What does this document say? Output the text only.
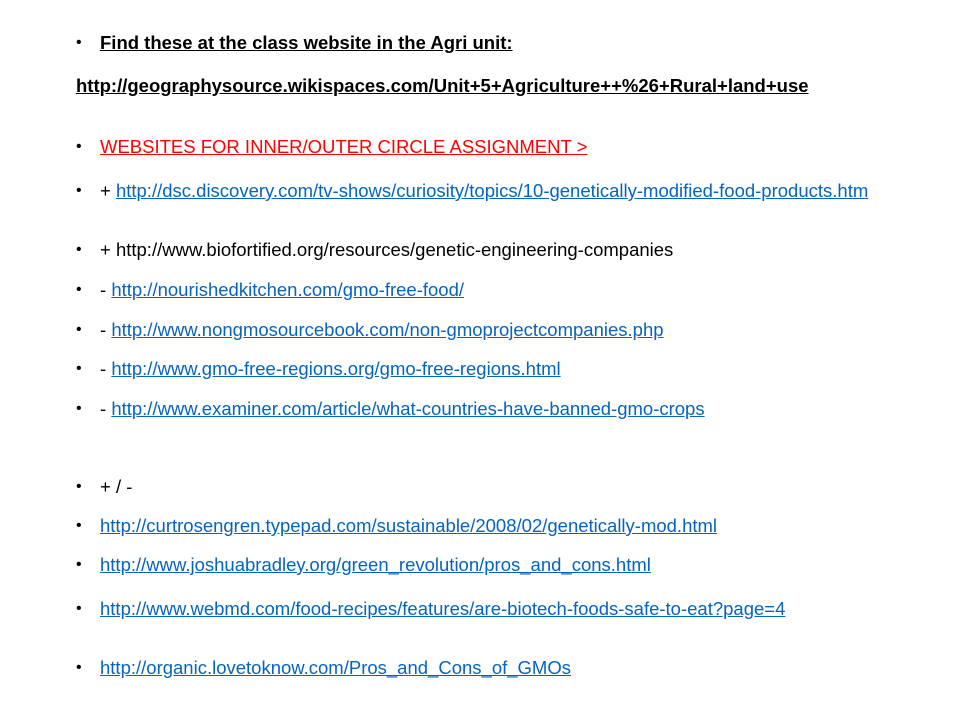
• Find these at the class website in the Agri unit:
http://geographysource.wikispaces.com/Unit+5+Agriculture++%26+Rural+land+use
• WEBSITES FOR INNER/OUTER CIRCLE ASSIGNMENT >
• + http://dsc.discovery.com/tv-shows/curiosity/topics/10-genetically-modified-food-products.htm
• + http://www.biofortified.org/resources/genetic-engineering-companies
• - http://nourishedkitchen.com/gmo-free-food/
• - http://www.nongmosourcebook.com/non-gmoprojectcompanies.php
• - http://www.gmo-free-regions.org/gmo-free-regions.html
• - http://www.examiner.com/article/what-countries-have-banned-gmo-crops
• + / -
• http://curtrosengren.typepad.com/sustainable/2008/02/genetically-mod.html
• http://www.joshuabradley.org/green_revolution/pros_and_cons.html
• http://www.webmd.com/food-recipes/features/are-biotech-foods-safe-to-eat?page=4
• http://organic.lovetoknow.com/Pros_and_Cons_of_GMOs
